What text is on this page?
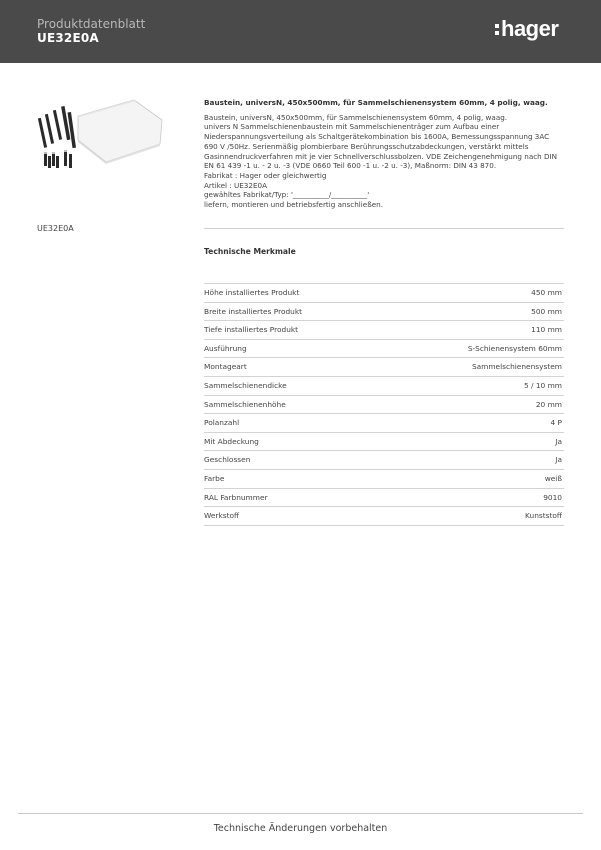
Produktdatenblatt
UE32E0A	hager
UE32E0A
Baustein, universN, 450x500mm, für Sammelschienensystem 60mm, 4 polig, waag.
Baustein, universN, 450x500mm, für Sammelschienensystem 60mm, 4 polig, waag.
univers N Sammelschienenbaustein mit Sammelschienenträger zum Aufbau einer
Niederspannungsverteilung als Schaltgerätekombination bis 1600A, Bemessungsspannung 3AC
690 V /50Hz. Serienmäßig plombierbare Berührungsschutzabdeckungen, verstärkt mittels
Gasinnendruckverfahren mit je vier Schnellverschlussbolzen. VDE Zeichengenehmigung nach DIN
EN 61 439 -1 u. - 2 u. -3 (VDE 0660 Teil 600 -1 u. -2 u. -3), Maßnorm: DIN 43 870.
Fabrikat : Hager oder gleichwertig
Artikel : UE32E0A
gewähltes Fabrikat/Typ: '__________/__________'
liefern, montieren und betriebsfertig anschließen.
Technische Merkmale
Höhe installiertes Produkt	450 mm
Breite installiertes Produkt	500 mm
Tiefe installiertes Produkt	110 mm
Ausführung	S-Schienensystem 60mm
Montageart	Sammelschienensystem
Sammelschienendicke	5 / 10 mm
Sammelschienenhöhe	20 mm
Polanzahl	4 P
Mit Abdeckung	Ja
Geschlossen	Ja
Farbe	weiß
RAL Farbnummer	9010
Werkstoff	Kunststoff
Technische Änderungen vorbehalten
